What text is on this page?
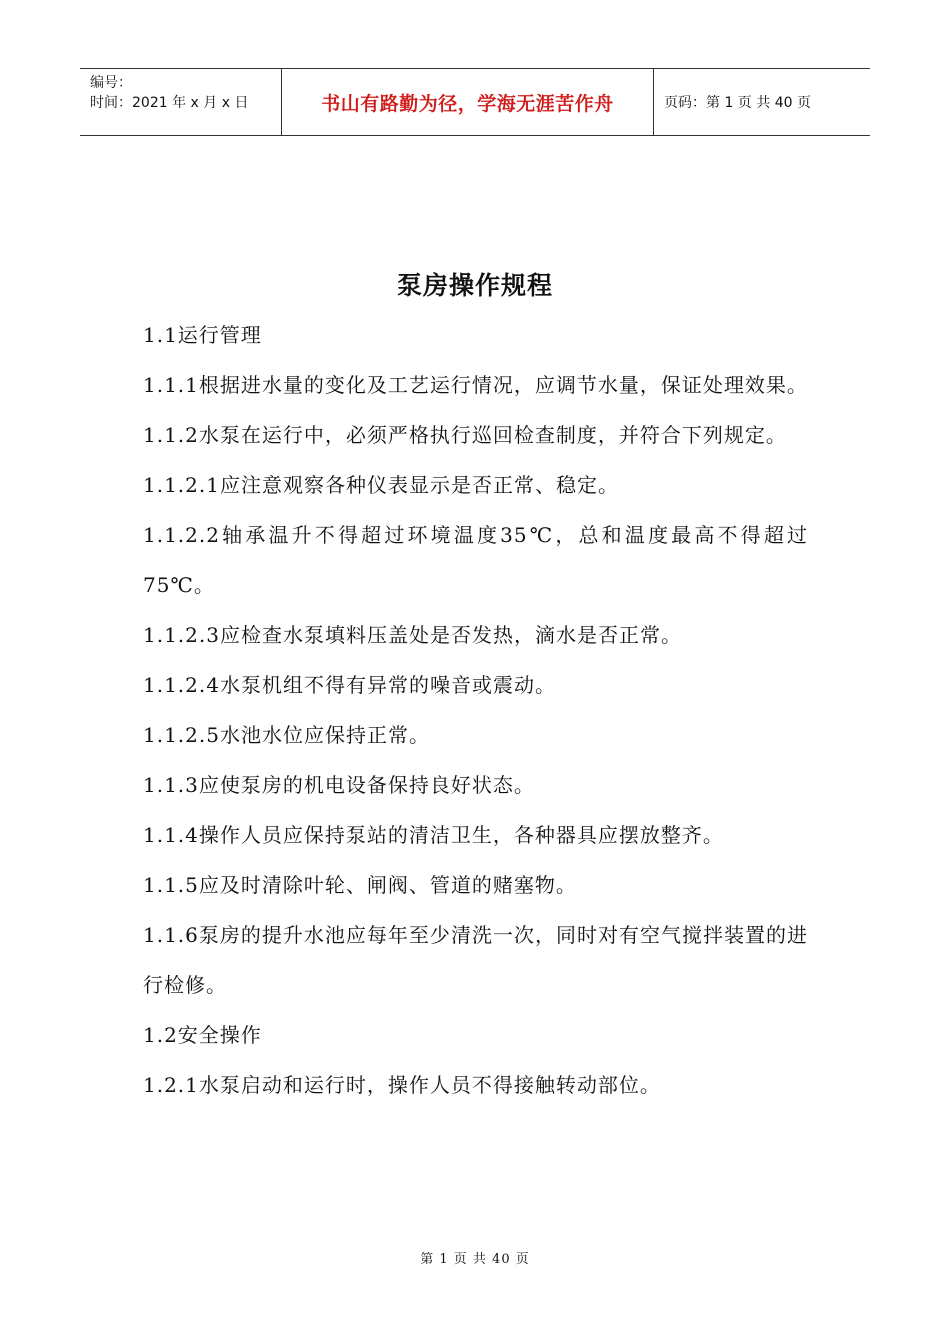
编号：
时间：2021 年 x 月 x 日	书山有路勤为径，学海无涯苦作舟	页码：第 1 页 共 40 页
泵房操作规程

1.1运行管理

1.1.1根据进水量的变化及工艺运行情况，应调节水量，保证处理效果。

1.1.2水泵在运行中，必须严格执行巡回检查制度，并符合下列规定。

1.1.2.1应注意观察各种仪表显示是否正常、稳定。

1.1.2.2轴承温升不得超过环境温度35℃，总和温度最高不得超过75℃。

1.1.2.3应检查水泵填料压盖处是否发热，滴水是否正常。

1.1.2.4水泵机组不得有异常的噪音或震动。

1.1.2.5水池水位应保持正常。

1.1.3应使泵房的机电设备保持良好状态。

1.1.4操作人员应保持泵站的清洁卫生，各种器具应摆放整齐。

1.1.5应及时清除叶轮、闸阀、管道的赌塞物。

1.1.6泵房的提升水池应每年至少清洗一次，同时对有空气搅拌装置的进行检修。

1.2安全操作

1.2.1水泵启动和运行时，操作人员不得接触转动部位。

第 1 页 共 40 页
